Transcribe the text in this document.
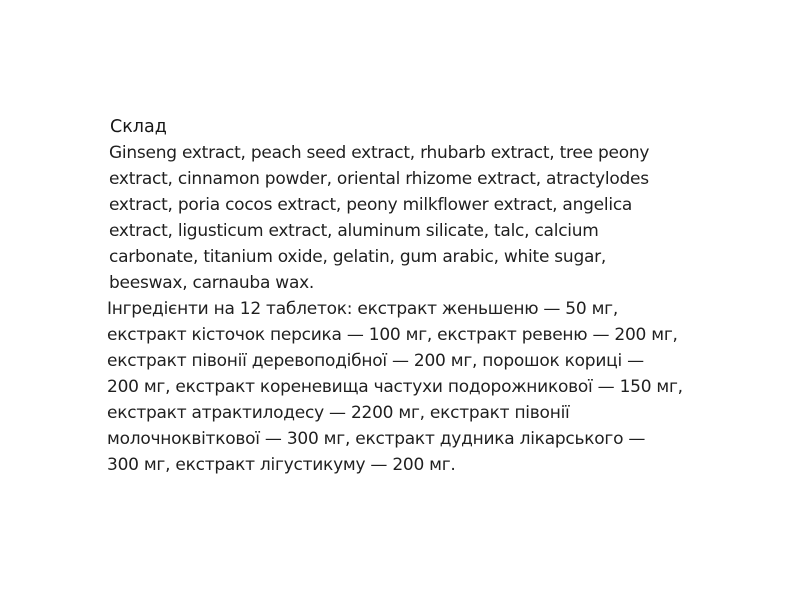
Склад

Ginseng extract, peach seed extract, rhubarb extract, tree peony

extract, cinnamon powder, oriental rhizome extract, atractylodes

extract, poria cocos extract, peony milkflower extract, angelica

extract, ligusticum extract, aluminum silicate, talc, calcium

carbonate, titanium oxide, gelatin, gum arabic, white sugar,

beeswax, carnauba wax.

Інгредієнти на 12 таблеток: екстракт женьшеню — 50 мг,

екстракт кісточок персика — 100 мг, екстракт ревеню — 200 мг,

екстракт півонії деревоподібної — 200 мг, порошок кориці —

200 мг, екстракт кореневища частухи подорожникової — 150 мг,

екстракт атрактилодесу — 2200 мг, екстракт півонії

молочноквіткової — 300 мг, екстракт дудника лікарського —

300 мг, екстракт лігустикуму — 200 мг.
